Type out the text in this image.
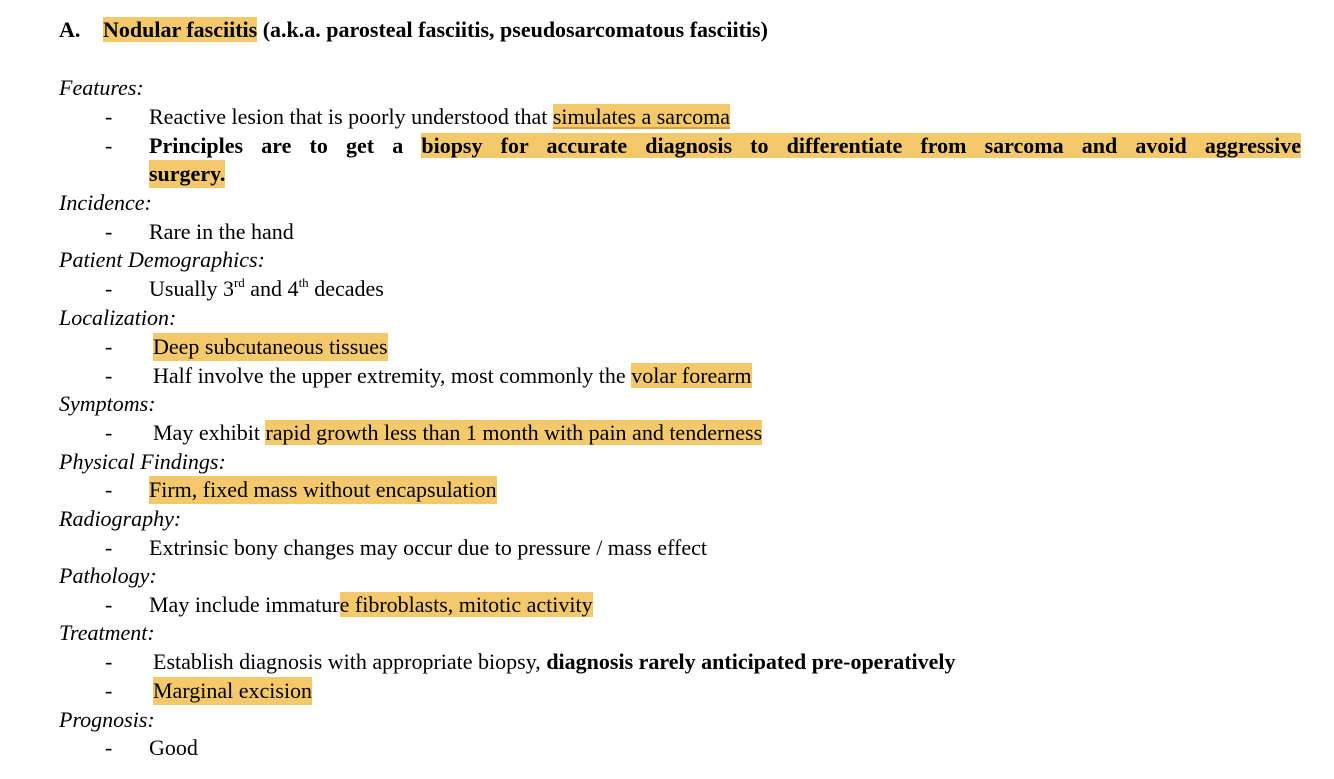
A. Nodular fasciitis (a.k.a. parosteal fasciitis, pseudosarcomatous fasciitis)
Features:
- Reactive lesion that is poorly understood that simulates a sarcoma
- Principles are to get a biopsy for accurate diagnosis to differentiate from sarcoma and avoid aggressive
surgery.
Incidence:
- Rare in the hand
Patient Demographics:
- Usually 3rd and 4th decades
Localization:
- Deep subcutaneous tissues
- Half involve the upper extremity, most commonly the volar forearm
Symptoms:
- May exhibit rapid growth less than 1 month with pain and tenderness
Physical Findings:
- Firm, fixed mass without encapsulation
Radiography:
- Extrinsic bony changes may occur due to pressure / mass effect
Pathology:
- May include immature fibroblasts, mitotic activity
Treatment:
- Establish diagnosis with appropriate biopsy, diagnosis rarely anticipated pre-operatively
- Marginal excision
Prognosis:
- Good
